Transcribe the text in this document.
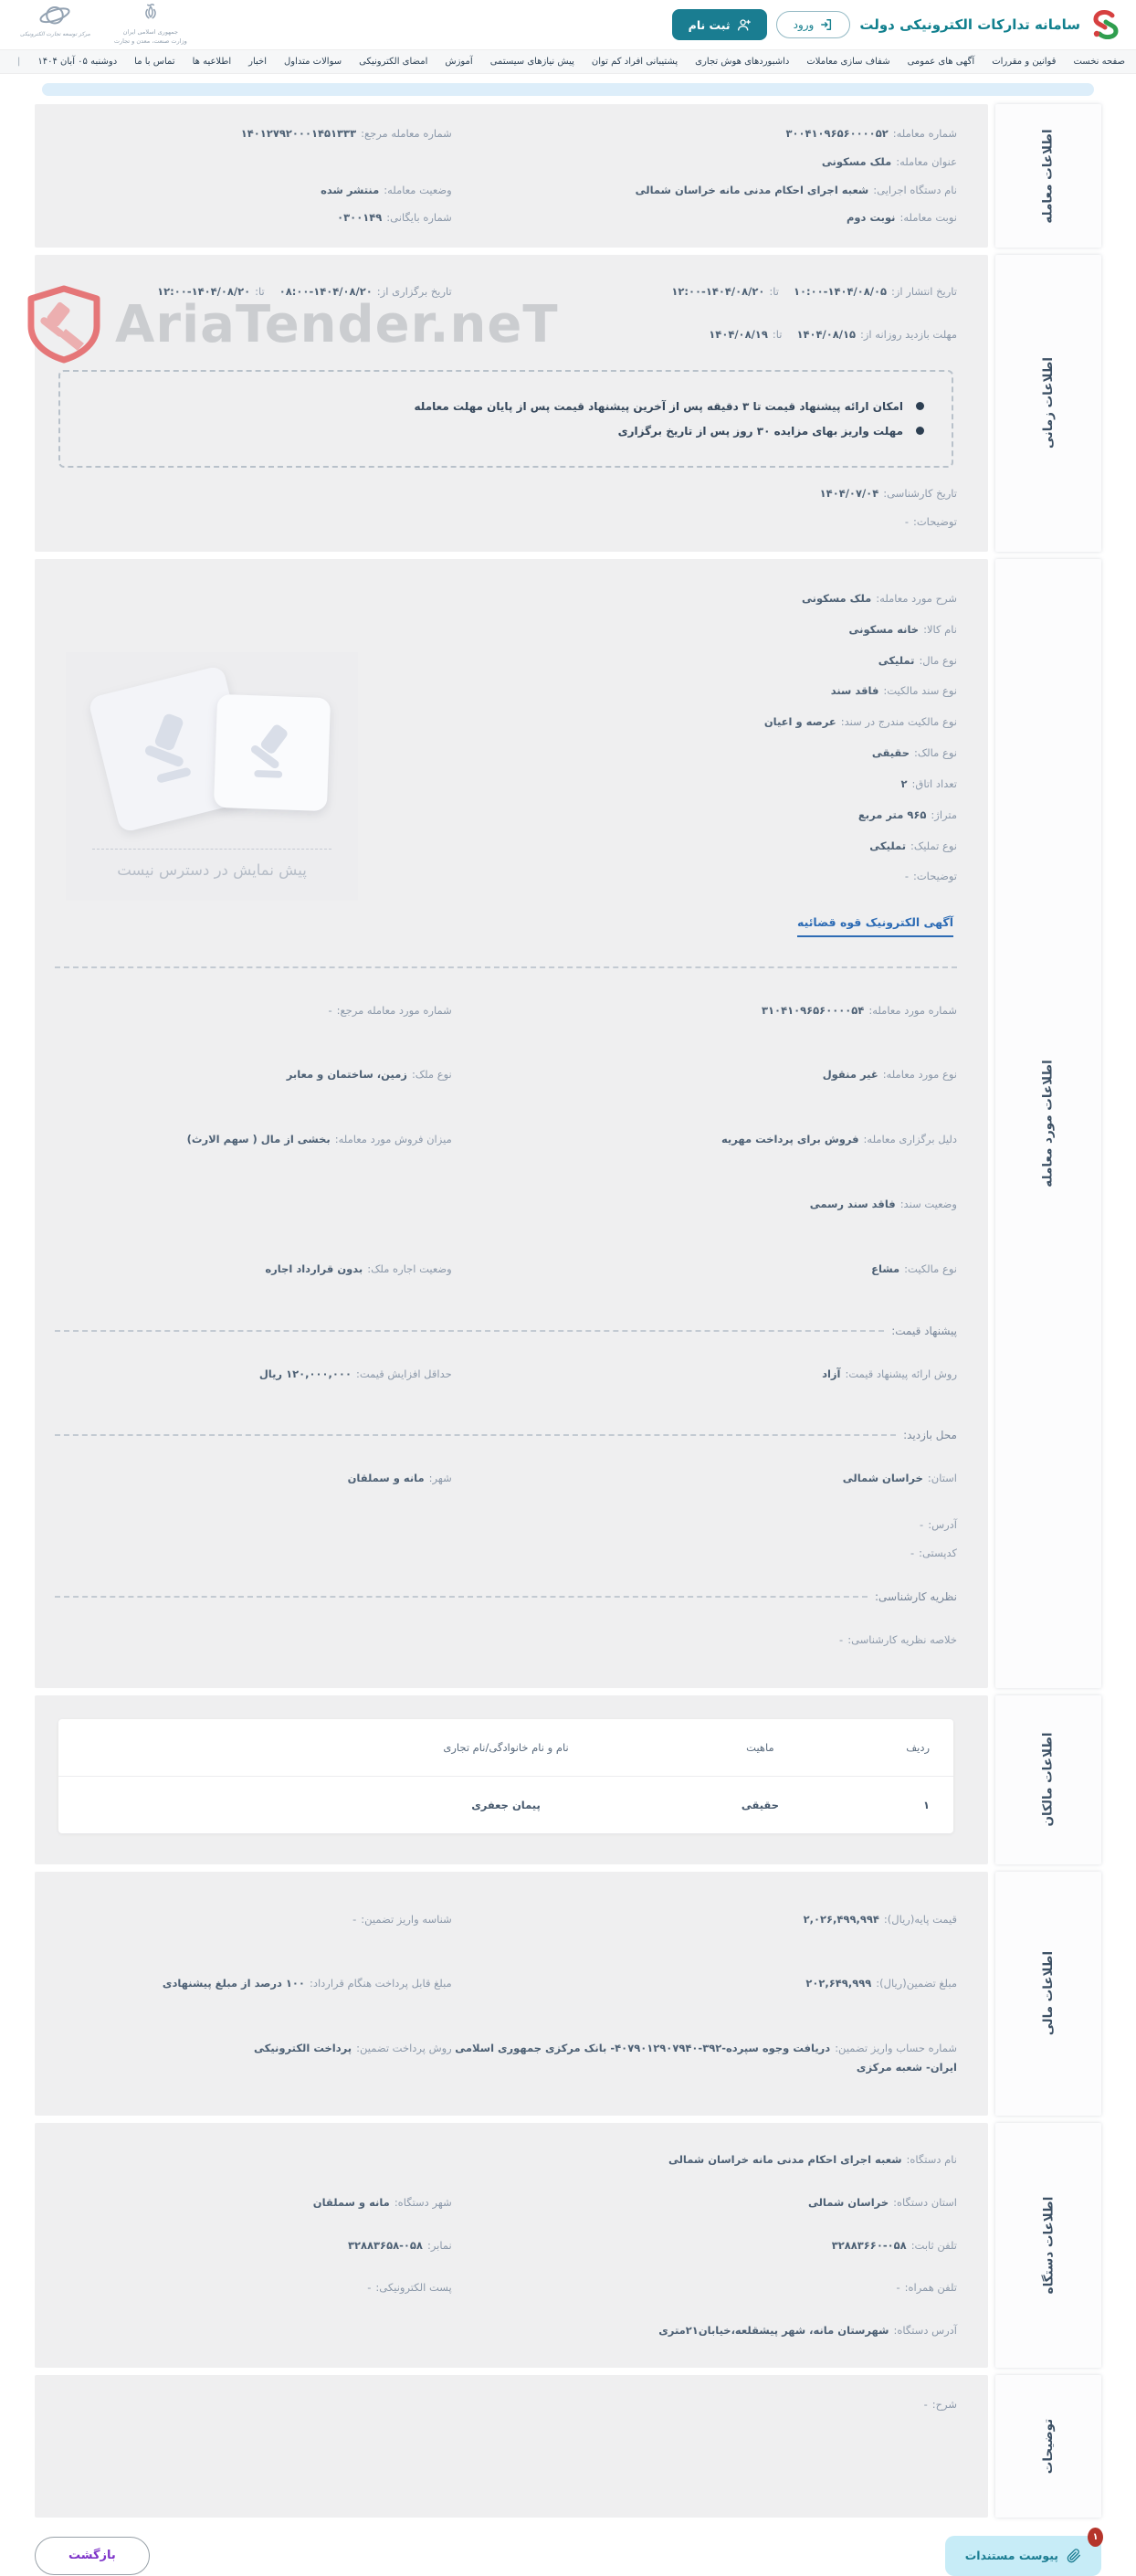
سامانه تدارکات الکترونیکی دولت
ورود
ثبت نام
مرکز توسعه تجارت الکترونیکی	جمهوری اسلامی ایران
وزارت صنعت، معدن و تجارت
صفحه نخست
قوانین و مقررات
آگهی های عمومی
شفاف سازی معاملات
داشبوردهای هوش تجاری
پشتیبانی افراد کم توان
پیش نیازهای سیستمی
آموزش
امضای الکترونیکی
سوالات متداول
اخبار
اطلاعیه ها
تماس با ما
دوشنبه ۰۵ آبان ۱۴۰۴
|
اطلاعات معامله
شماره معامله:۳۰۰۴۱۰۹۶۵۶۰۰۰۰۵۲
شماره معامله مرجع:۱۴۰۱۲۷۹۲۰۰۰۱۴۵۱۳۳۳
عنوان معامله:ملک مسکونی
نام دستگاه اجرایی:شعبه اجرای احکام مدنی مانه خراسان شمالی
وضعیت معامله:منتشر شده
نوبت معامله:نوبت دوم
شماره بایگانی:۰۳۰۰۱۴۹
اطلاعات زمانی
تاریخ انتشار از:۱۴۰۴/۰۸/۰۵-۱۰:۰۰تا:۱۴۰۴/۰۸/۲۰-۱۲:۰۰
تاریخ برگزاری از:۱۴۰۴/۰۸/۲۰-۰۸:۰۰تا:۱۴۰۴/۰۸/۲۰-۱۲:۰۰
مهلت بازدید روزانه از:۱۴۰۴/۰۸/۱۵تا:۱۴۰۴/۰۸/۱۹
امکان ارائه پیشنهاد قیمت تا ۳ دقیقه پس از آخرین پیشنهاد قیمت پس از پایان مهلت معامله
مهلت واریز بهای مزایده ۳۰ روز پس از تاریخ برگزاری
تاریخ کارشناسی:۱۴۰۴/۰۷/۰۴
توضیحات:-
اطلاعات مورد معامله
شرح مورد معامله:ملک مسکونی
نام کالا:خانه مسکونی
نوع مال:تملیکی
نوع سند مالکیت:فاقد سند
نوع مالکیت مندرج در سند:عرصه و اعیان
نوع مالک:حقیقی
تعداد اتاق:۲
متراژ:۹۶۵ متر مربع
نوع تملیک:تملیکی
توضیحات:-
پیش نمایش در دسترس نیست
آگهی الکترونیک قوه قضائیه
شماره مورد معامله:۳۱۰۴۱۰۹۶۵۶۰۰۰۰۵۴
شماره مورد معامله مرجع:-
نوع مورد معامله:غیر منقول
نوع ملک:زمین، ساختمان و معابر
دلیل برگزاری معامله:فروش برای پرداخت مهریه
میزان فروش مورد معامله:بخشی از مال ( سهم الارث)
وضعیت سند:فاقد سند رسمی
نوع مالکیت:مشاع
وضعیت اجاره ملک:بدون قرارداد اجاره
پیشنهاد قیمت:
روش ارائه پیشنهاد قیمت:آزاد
حداقل افزایش قیمت:۱۲۰,۰۰۰,۰۰۰ ریال
محل بازدید:
استان:خراسان شمالی
شهر:مانه و سملقان
آدرس:-
کدپستی:-
نظریه کارشناسی:
خلاصه نظریه کارشناسی:-
اطلاعات مالکان
ردیف
ماهیت
نام و نام خانوادگی/نام تجاری
۱
حقیقی
پیمان جعفری
اطلاعات مالی
قیمت پایه(ریال):۲,۰۲۶,۴۹۹,۹۹۴
شناسه واریز تضمین:-
مبلغ تضمین(ریال):۲۰۲,۶۴۹,۹۹۹
مبلغ قابل پرداخت هنگام قرارداد:۱۰۰ درصد از مبلغ پیشنهادی
شماره حساب واریز تضمین:دریافت وجوه سپرده-۳۹۲-۴۰۷۹۰۱۲۹۰۷۹۴۰- بانک مرکزی جمهوری اسلامی ایران- شعبه مرکزی
روش پرداخت تضمین:پرداخت الکترونیکی
اطلاعات دستگاه
نام دستگاه:شعبه اجرای احکام مدنی مانه خراسان شمالی
استان دستگاه:خراسان شمالی
شهر دستگاه:مانه و سملقان
تلفن ثابت:۰۵۸-۳۲۸۸۳۶۶۰
نمابر:۰۵۸-۳۲۸۸۳۶۵۸
تلفن همراه:-
پست الکترونیکی:-
آدرس دستگاه:شهرستان مانه، شهر پیشقلعه،خیابان۲۱متری
توضیحات
شرح:-
۱
پیوست مستندات
بازگشت
AriaTender.neT
